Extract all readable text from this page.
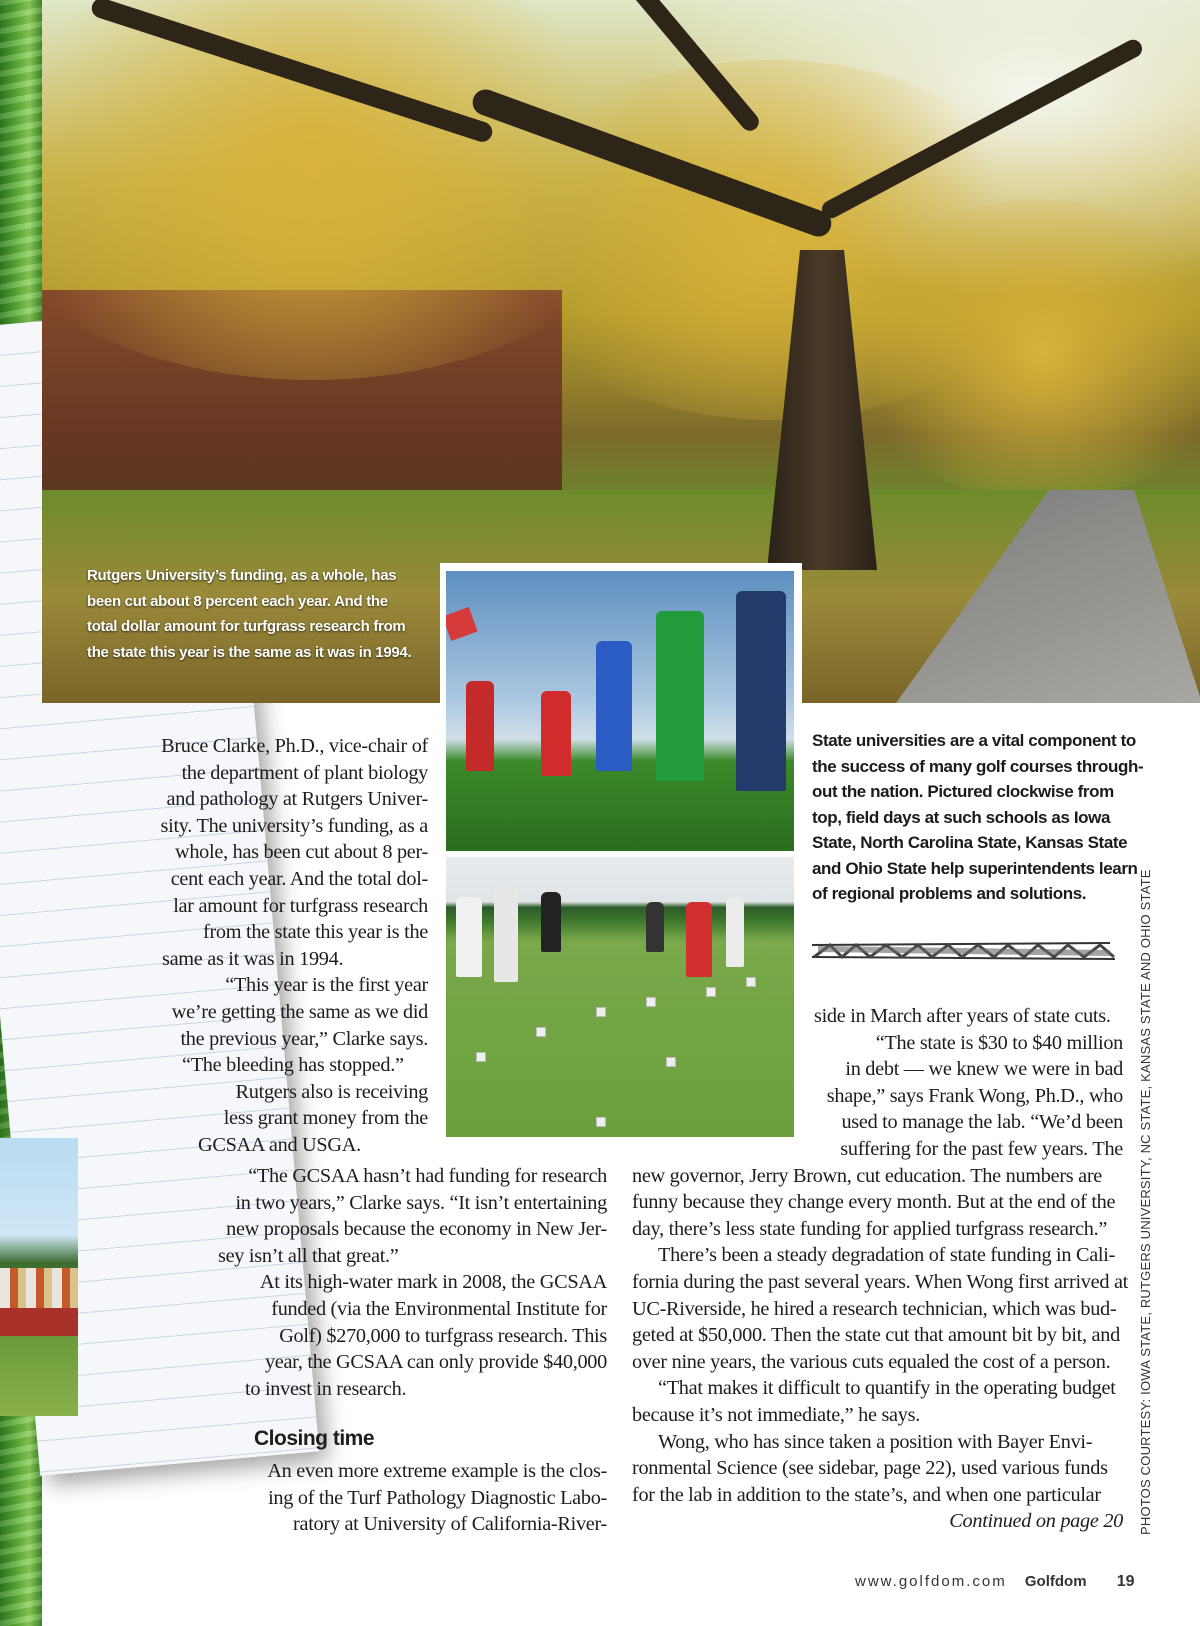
Rutgers University’s funding, as a whole, has
been cut about 8 percent each year. And the
total dollar amount for turfgrass research from
the state this year is the same as it was in 1994.
State universities are a vital component to
the success of many golf courses through-
out the nation. Pictured clockwise from
top, field days at such schools as Iowa
State, North Carolina State, Kansas State
and Ohio State help superintendents learn
of regional problems and solutions.
Bruce Clarke, Ph.D., vice-chair of
the department of plant biology
and pathology at Rutgers Univer-
sity. The university’s funding, as a
whole, has been cut about 8 per-
cent each year. And the total dol-
lar amount for turfgrass research
from the state this year is the
same as it was in 1994.
“This year is the first year
we’re getting the same as we did
the previous year,” Clarke says.
“The bleeding has stopped.”
Rutgers also is receiving
less grant money from the
GCSAA and USGA.
“The GCSAA hasn’t had funding for research
in two years,” Clarke says. “It isn’t entertaining
new proposals because the economy in New Jer-
sey isn’t all that great.”
At its high-water mark in 2008, the GCSAA
funded (via the Environmental Institute for
Golf) $270,000 to turfgrass research. This
year, the GCSAA can only provide $40,000
to invest in research.
Closing time
An even more extreme example is the clos-
ing of the Turf Pathology Diagnostic Labo-
ratory at University of California-River-
side in March after years of state cuts.
“The state is $30 to $40 million
in debt — we knew we were in bad
shape,” says Frank Wong, Ph.D., who
used to manage the lab. “We’d been
suffering for the past few years. The
new governor, Jerry Brown, cut education. The numbers are
funny because they change every month. But at the end of the
day, there’s less state funding for applied turfgrass research.”
There’s been a steady degradation of state funding in Cali-
fornia during the past several years. When Wong first arrived at
UC-Riverside, he hired a research technician, which was bud-
geted at $50,000. Then the state cut that amount bit by bit, and
over nine years, the various cuts equaled the cost of a person.
“That makes it difficult to quantify in the operating budget
because it’s not immediate,” he says.
Wong, who has since taken a position with Bayer Envi-
ronmental Science (see sidebar, page 22), used various funds
for the lab in addition to the state’s, and when one particular
Continued on page 20 PHOTOS COURTESY: IOWA STATE, RUTGERS UNIVERSITY, NC STATE, KANSAS STATE AND OHIO STATE
www.golfdom.com Golfdom 19
